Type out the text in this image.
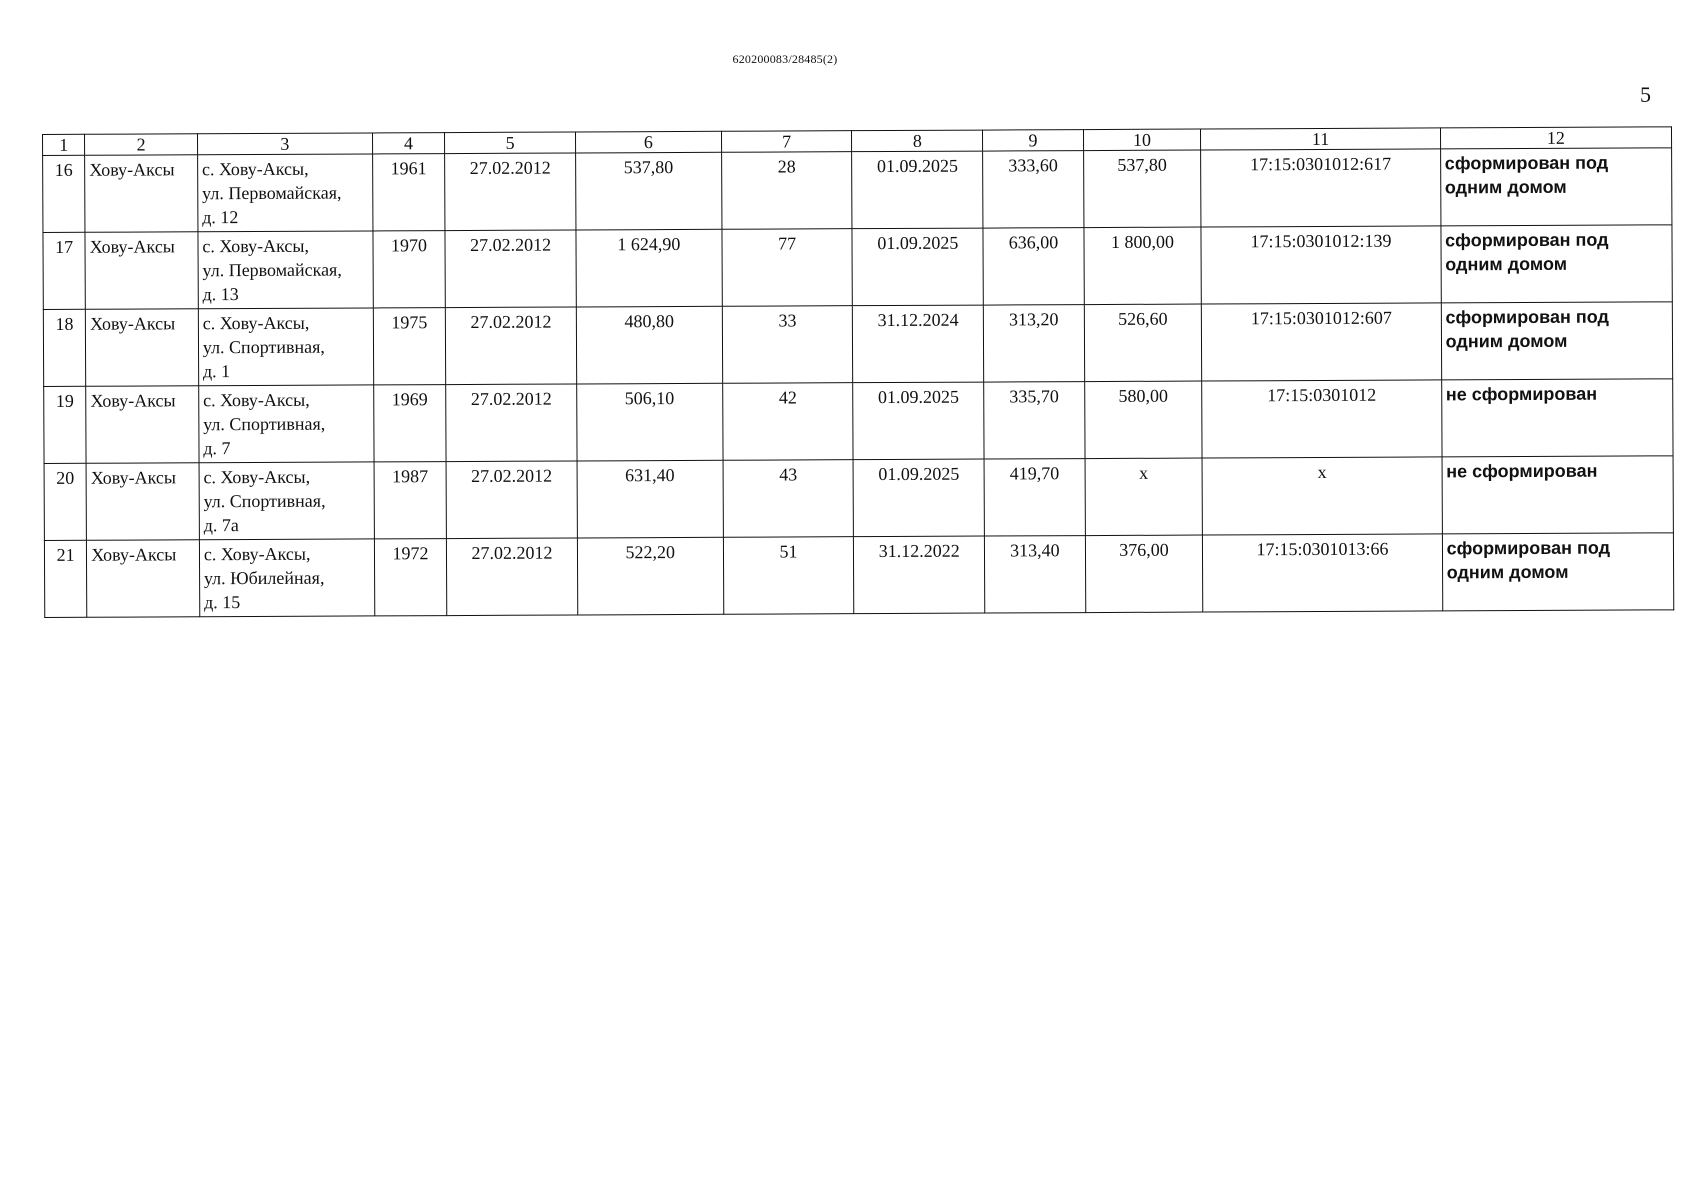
620200083/28485(2)
5
1	2	3	4	5	6	7	8	9	10	11	12
16	Хову-Аксы	с. Хову-Аксы,
ул. Первомайская,
д. 12	1961	27.02.2012	537,80	28	01.09.2025	333,60	537,80	17:15:0301012:617	сформирован под одним домом
17	Хову-Аксы	с. Хову-Аксы,
ул. Первомайская,
д. 13	1970	27.02.2012	1 624,90	77	01.09.2025	636,00	1 800,00	17:15:0301012:139	сформирован под одним домом
18	Хову-Аксы	с. Хову-Аксы,
ул. Спортивная,
д. 1	1975	27.02.2012	480,80	33	31.12.2024	313,20	526,60	17:15:0301012:607	сформирован под одним домом
19	Хову-Аксы	с. Хову-Аксы,
ул. Спортивная,
д. 7	1969	27.02.2012	506,10	42	01.09.2025	335,70	580,00	17:15:0301012	не сформирован
20	Хову-Аксы	с. Хову-Аксы,
ул. Спортивная,
д. 7а	1987	27.02.2012	631,40	43	01.09.2025	419,70	x	x	не сформирован
21	Хову-Аксы	с. Хову-Аксы,
ул. Юбилейная,
д. 15	1972	27.02.2012	522,20	51	31.12.2022	313,40	376,00	17:15:0301013:66	сформирован под одним домом
